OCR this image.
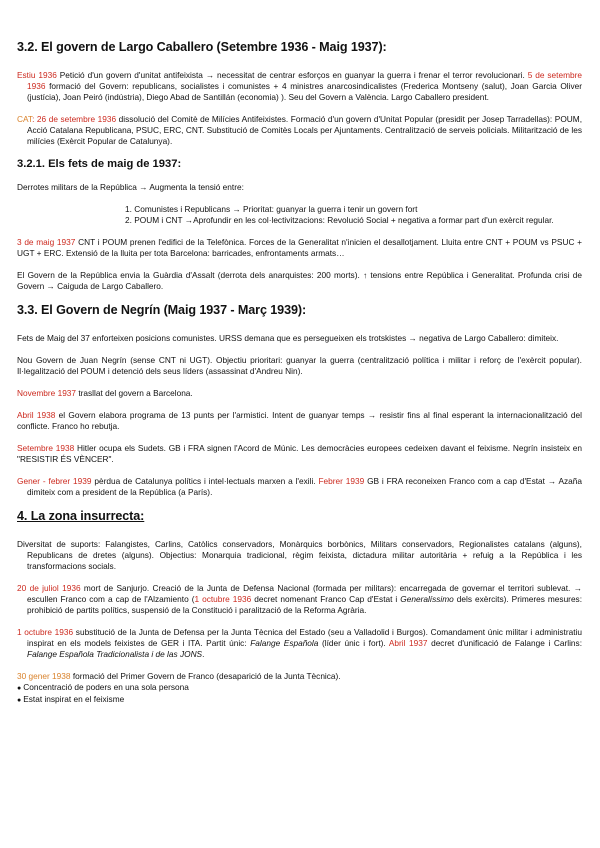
3.2. El govern de Largo Caballero (Setembre 1936 - Maig 1937):

Estiu 1936 Petició d'un govern d'unitat antifeixista → necessitat de centrar esforços en guanyar la guerra i frenar el terror revolucionari. 5 de setembre 1936 formació del Govern: republicans, socialistes i comunistes + 4 ministres anarcosindicalistes (Frederica Montseny (salut), Joan Garcia Oliver (justícia), Joan Peiró (indústria), Diego Abad de Santillán (economia) ). Seu del Govern a València. Largo Caballero president.

CAT: 26 de setembre 1936 dissolució del Comitè de Milícies Antifeixistes. Formació d'un govern d'Unitat Popular (presidit per Josep Tarradellas): POUM, Acció Catalana Republicana, PSUC, ERC, CNT. Substitució de Comitès Locals per Ajuntaments. Centralització de serveis policials. Militarització de les milícies (Exèrcit Popular de Catalunya).

3.2.1. Els fets de maig de 1937:

Derrotes militars de la República → Augmenta la tensió entre:

1. Comunistes i Republicans → Prioritat: guanyar la guerra i tenir un govern fort
2. POUM i CNT →Aprofundir en les col·lectivitzacions: Revolució Social + negativa a formar part d'un exèrcit regular.

3 de maig 1937 CNT i POUM prenen l'edifici de la Telefònica. Forces de la Generalitat n'inicien el desallotjament. Lluita entre CNT + POUM vs PSUC + UGT + ERC. Extensió de la lluita per tota Barcelona: barricades, enfrontaments armats…

El Govern de la República envia la Guàrdia d'Assalt (derrota dels anarquistes: 200 morts). ↑ tensions entre República i Generalitat. Profunda crisi de Govern → Caiguda de Largo Caballero.

3.3. El Govern de Negrín (Maig 1937 - Març 1939):

Fets de Maig del 37 enforteixen posicions comunistes. URSS demana que es persegueixen els trotskistes → negativa de Largo Caballero: dimiteix.

Nou Govern de Juan Negrín (sense CNT ni UGT). Objectiu prioritari: guanyar la guerra (centralització política i militar i reforç de l'exèrcit popular). Il·legalització del POUM i detenció dels seus líders (assassinat d'Andreu Nin).

Novembre 1937 trasllat del govern a Barcelona.

Abril 1938 el Govern elabora programa de 13 punts per l'armistici. Intent de guanyar temps → resistir fins al final esperant la internacionalització del conflicte. Franco ho rebutja.

Setembre 1938 Hitler ocupa els Sudets. GB i FRA signen l'Acord de Múnic. Les democràcies europees cedeixen davant el feixisme. Negrín insisteix en "RESISTIR ÉS VÈNCER".

Gener - febrer 1939 pèrdua de Catalunya polítics i intel·lectuals marxen a l'exili. Febrer 1939 GB i FRA reconeixen Franco com a cap d'Estat → Azaña dimiteix com a president de la República (a París).

4. La zona insurrecta:

Diversitat de suports: Falangistes, Carlins, Catòlics conservadors, Monàrquics borbònics, Militars conservadors, Regionalistes catalans (alguns), Republicans de dretes (alguns). Objectius: Monarquia tradicional, règim feixista, dictadura militar autoritària + refuig a la República i les transformacions socials.

20 de juliol 1936 mort de Sanjurjo. Creació de la Junta de Defensa Nacional (formada per militars): encarregada de governar el territori sublevat. → escullen Franco com a cap de l'Alzamiento (1 octubre 1936 decret nomenant Franco Cap d'Estat i Generalíssimo dels exèrcits). Primeres mesures: prohibició de partits polítics, suspensió de la Constitució i paralització de la Reforma Agrària.

1 octubre 1936 substitució de la Junta de Defensa per la Junta Tècnica del Estado (seu a Valladolid i Burgos). Comandament únic militar i administratiu inspirat en els models feixistes de GER i ITA. Partit únic: Falange Española (líder únic i fort). Abril 1937 decret d'unificació de Falange i Carlins: Falange Española Tradicionalista i de las JONS.

30 gener 1938 formació del Primer Govern de Franco (desaparició de la Junta Tècnica).

● Concentració de poders en una sola persona
● Estat inspirat en el feixisme
